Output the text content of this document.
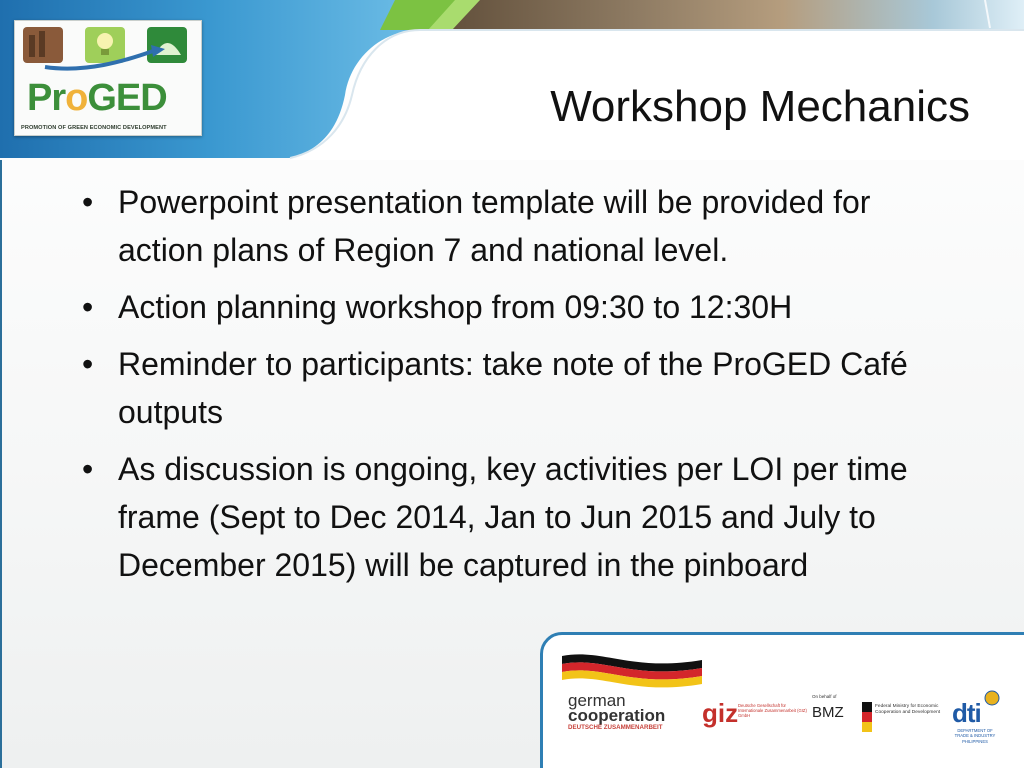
ProGED
PROMOTION OF GREEN ECONOMIC DEVELOPMENT	Workshop Mechanics
• Powerpoint presentation template will be provided for action plans of Region 7 and national level.
• Action planning workshop from 09:30 to 12:30H
• Reminder to participants: take note of the ProGED Café outputs
• As discussion is ongoing, key activities per LOI per time frame (Sept to Dec 2014, Jan to Jun 2015 and July to December 2015) will be captured in the pinboard
german
cooperation
DEUTSCHE ZUSAMMENARBEIT giz Deutsche Gesellschaft für Internationale Zusammenarbeit (GIZ) GmbH
On behalf of
BMZ	Federal Ministry for Economic Cooperation and Development dti
DEPARTMENT OF TRADE & INDUSTRY PHILIPPINES
